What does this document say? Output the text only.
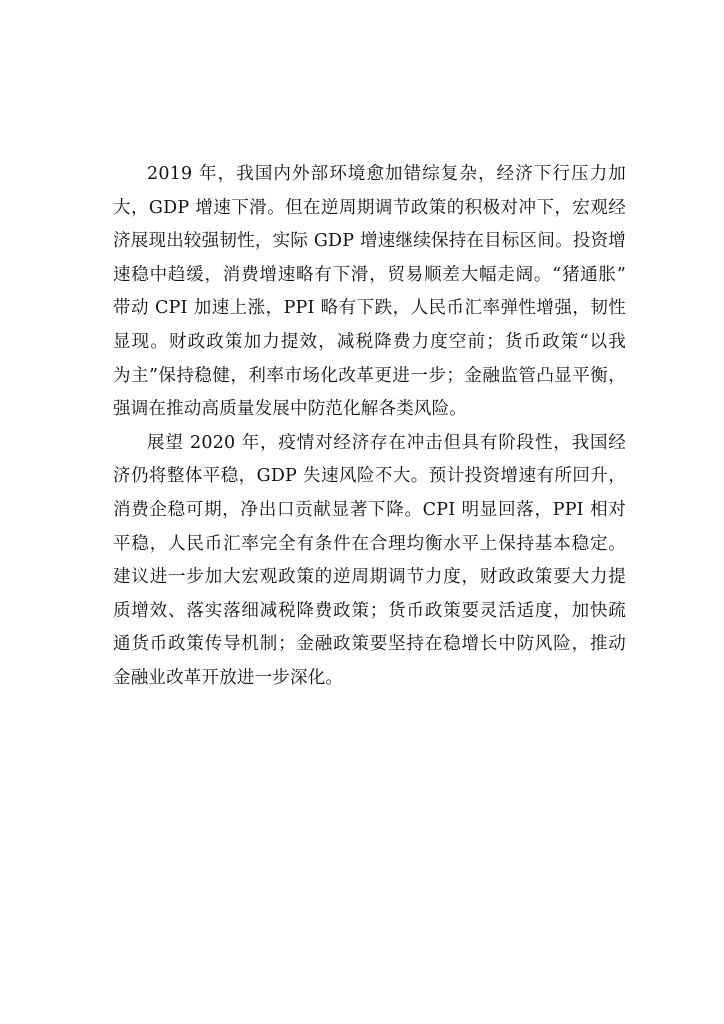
2019 年，我国内外部环境愈加错综复杂，经济下行压力加
大，GDP 增速下滑。但在逆周期调节政策的积极对冲下，宏观经
济展现出较强韧性，实际 GDP 增速继续保持在目标区间。投资增
速稳中趋缓，消费增速略有下滑，贸易顺差大幅走阔。“猪通胀”
带动 CPI 加速上涨，PPI 略有下跌，人民币汇率弹性增强，韧性
显现。财政政策加力提效，减税降费力度空前；货币政策“以我
为主”保持稳健，利率市场化改革更进一步；金融监管凸显平衡，
强调在推动高质量发展中防范化解各类风险。
展望 2020 年，疫情对经济存在冲击但具有阶段性，我国经
济仍将整体平稳，GDP 失速风险不大。预计投资增速有所回升，
消费企稳可期，净出口贡献显著下降。CPI 明显回落，PPI 相对
平稳，人民币汇率完全有条件在合理均衡水平上保持基本稳定。
建议进一步加大宏观政策的逆周期调节力度，财政政策要大力提
质增效、落实落细减税降费政策；货币政策要灵活适度，加快疏
通货币政策传导机制；金融政策要坚持在稳增长中防风险，推动
金融业改革开放进一步深化。
